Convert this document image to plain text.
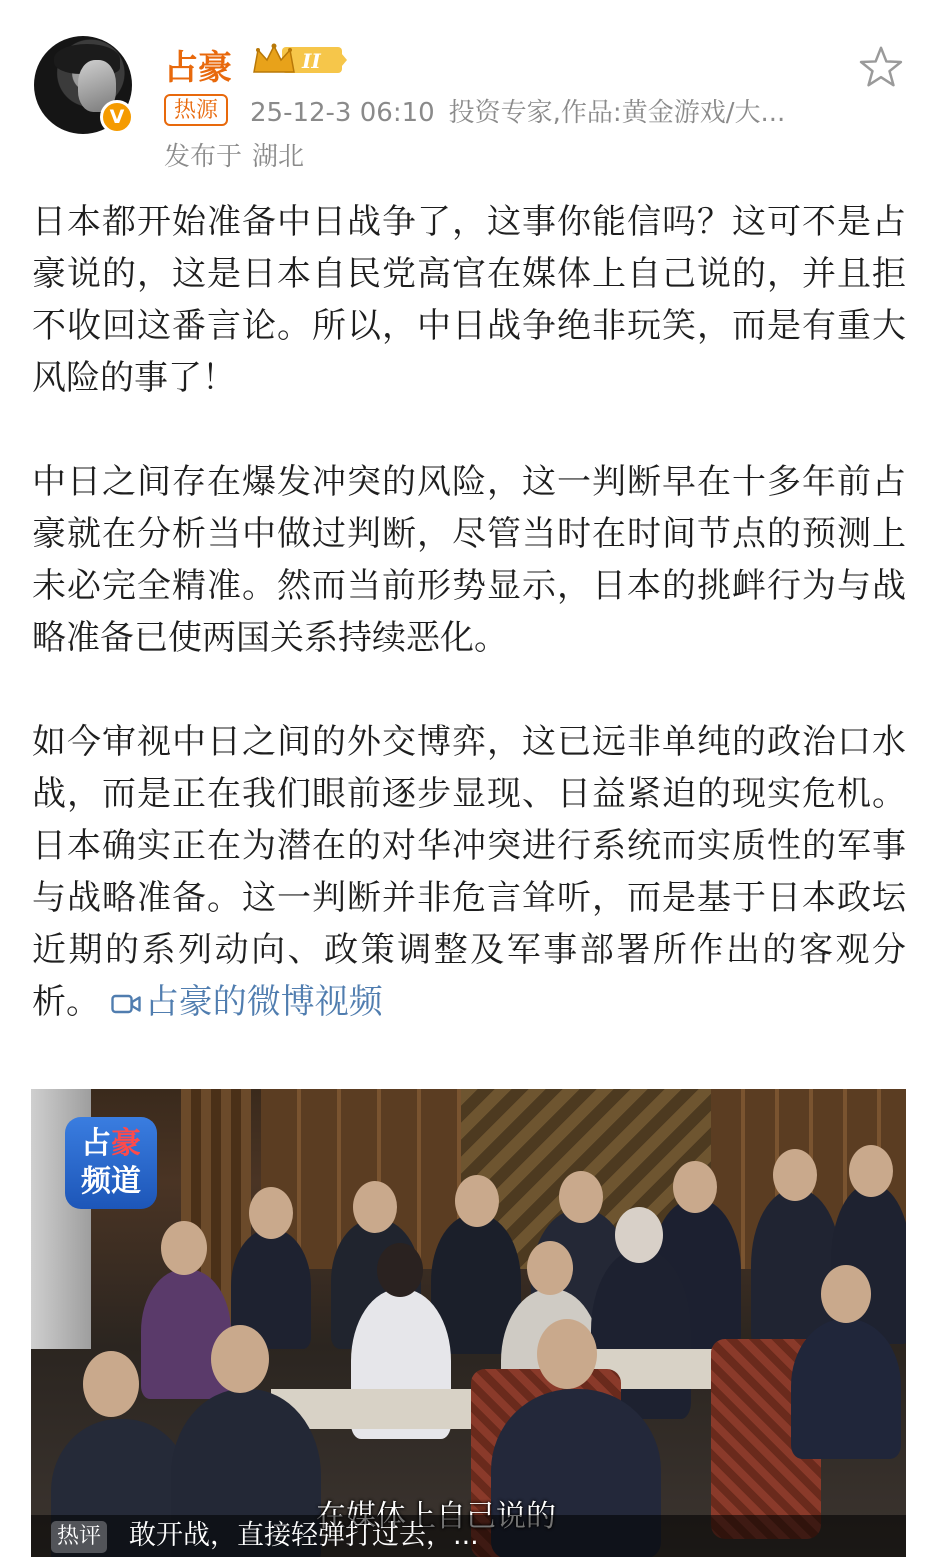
V
占豪	II
热源	25-12-3 06:10 投资专家,作品:黄金游戏/大...
发布于 湖北

日本都开始准备中日战争了，这事你能信吗？这可不是占豪说的，这是日本自民党高官在媒体上自己说的，并且拒不收回这番言论。所以，中日战争绝非玩笑，而是有重大风险的事了！

中日之间存在爆发冲突的风险，这一判断早在十多年前占豪就在分析当中做过判断，尽管当时在时间节点的预测上未必完全精准。然而当前形势显示，日本的挑衅行为与战略准备已使两国关系持续恶化。

如今审视中日之间的外交博弈，这已远非单纯的政治口水战，而是正在我们眼前逐步显现、日益紧迫的现实危机。日本确实正在为潜在的对华冲突进行系统而实质性的军事与战略准备。这一判断并非危言耸听，而是基于日本政坛近期的系列动向、政策调整及军事部署所作出的客观分析。 占豪的微博视频

占 豪
频道
热评 敢开战，直接轻弹打过去，...
